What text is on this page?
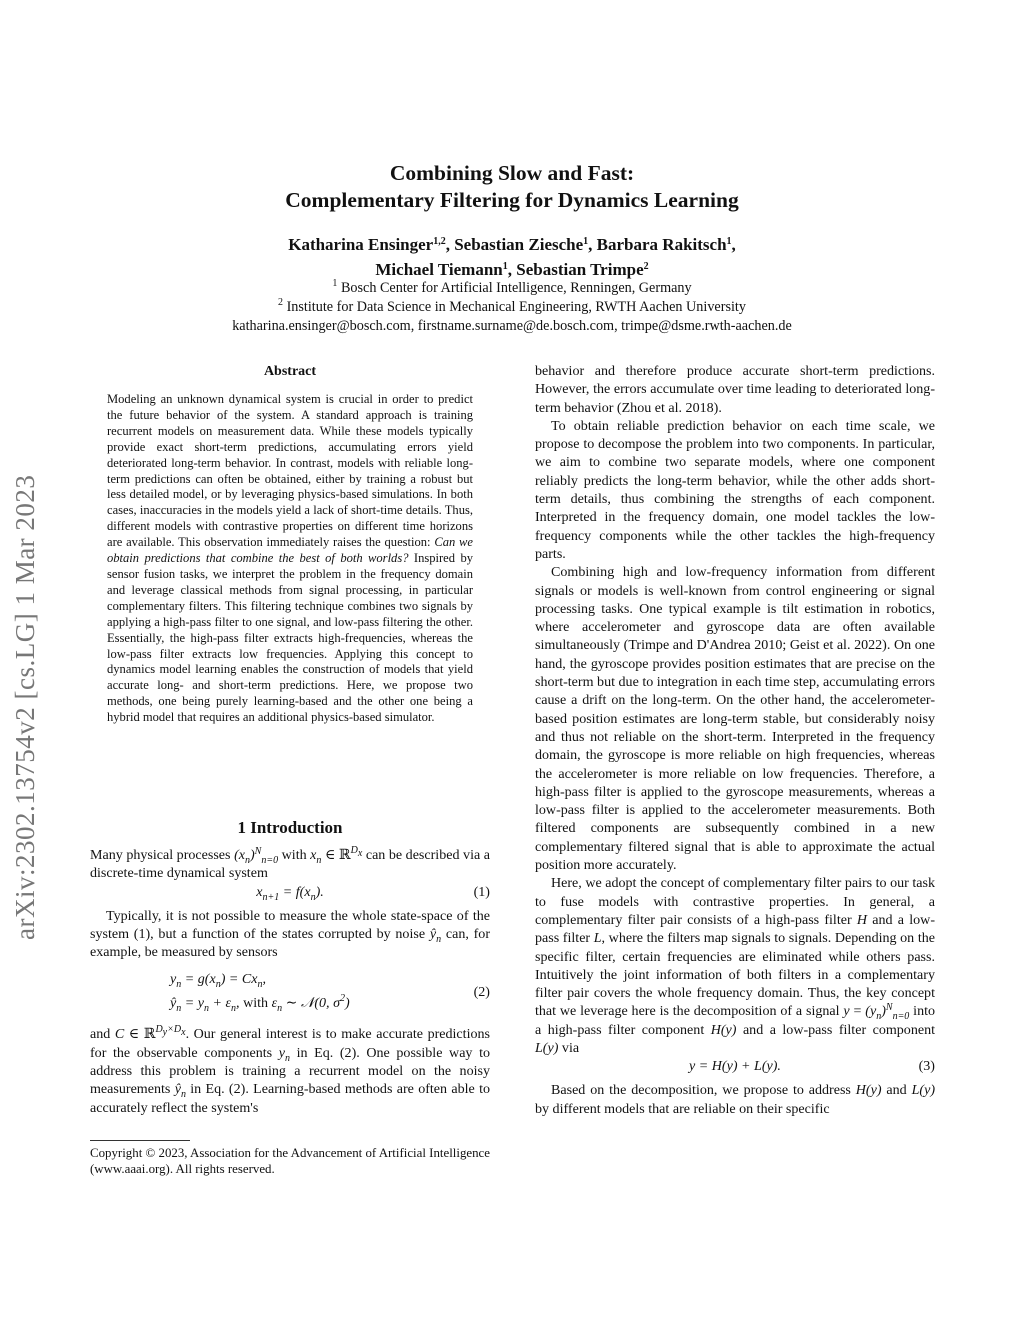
arXiv:2302.13754v2 [cs.LG] 1 Mar 2023
Combining Slow and Fast:
Complementary Filtering for Dynamics Learning
Katharina Ensinger$^{1,2}$, Sebastian Ziesche$^1$, Barbara Rakitsch$^1$,
Michael Tiemann$^1$, Sebastian Trimpe$^2$
$^1$ Bosch Center for Artificial Intelligence, Renningen, Germany
$^2$ Institute for Data Science in Mechanical Engineering, RWTH Aachen University
katharina.ensinger@bosch.com, firstname.surname@de.bosch.com, trimpe@dsme.rwth-aachen.de
Abstract
Modeling an unknown dynamical system is crucial in order to predict the future behavior of the system. A standard approach is training recurrent models on measurement data. While these models typically provide exact short-term predictions, accumulating errors yield deteriorated long-term behavior. In contrast, models with reliable long-term predictions can often be obtained, either by training a robust but less detailed model, or by leveraging physics-based simulations. In both cases, inaccuracies in the models yield a lack of short-time details. Thus, different models with contrastive properties on different time horizons are available. This observation immediately raises the question: Can we obtain predictions that combine the best of both worlds? Inspired by sensor fusion tasks, we interpret the problem in the frequency domain and leverage classical methods from signal processing, in particular complementary filters. This filtering technique combines two signals by applying a high-pass filter to one signal, and low-pass filtering the other. Essentially, the high-pass filter extracts high-frequencies, whereas the low-pass filter extracts low frequencies. Applying this concept to dynamics model learning enables the construction of models that yield accurate long- and short-term predictions. Here, we propose two methods, one being purely learning-based and the other one being a hybrid model that requires an additional physics-based simulator.
1 Introduction

Many physical processes $(x_n)_{^Nn=0}$ with $x_n$ ∈ ℝ$^{D_x}$ can be described via a discrete-time dynamical system

$x_{n+1} = f(x_n)$.	(1)

Typically, it is not possible to measure the whole state-space of the system (1), but a function of the states corrupted by noise $ŷ_n$ can, for example, be measured by sensors

$y_n = g(x_n) = Cx_n$,
$ŷ_n = y_n + \varepsilon_n$, with $\varepsilon_n$ ∼ 𝒩(0, $\sigma^2$)
(2)

and C ∈ ℝ$^{D_y\times D_x}$. Our general interest is to make accurate predictions for the observable components $y_n$ in Eq. (2). One possible way to address this problem is training a recurrent model on the noisy measurements $ŷ_n$ in Eq. (2). Learning-based methods are often able to accurately reflect the system's

Copyright © 2023, Association for the Advancement of Artificial Intelligence (www.aaai.org). All rights reserved.

behavior and therefore produce accurate short-term predictions. However, the errors accumulate over time leading to deteriorated long-term behavior (Zhou et al. 2018).

To obtain reliable prediction behavior on each time scale, we propose to decompose the problem into two components. In particular, we aim to combine two separate models, where one component reliably predicts the long-term behavior, while the other adds short-term details, thus combining the strengths of each component. Interpreted in the frequency domain, one model tackles the low-frequency components while the other tackles the high-frequency parts.

Combining high and low-frequency information from different signals or models is well-known from control engineering or signal processing tasks. One typical example is tilt estimation in robotics, where accelerometer and gyroscope data are often available simultaneously (Trimpe and D'Andrea 2010; Geist et al. 2022). On one hand, the gyroscope provides position estimates that are precise on the short-term but due to integration in each time step, accumulating errors cause a drift on the long-term. On the other hand, the accelerometer-based position estimates are long-term stable, but considerably noisy and thus not reliable on the short-term. Interpreted in the frequency domain, the gyroscope is more reliable on high frequencies, whereas the accelerometer is more reliable on low frequencies. Therefore, a high-pass filter is applied to the gyroscope measurements, whereas a low-pass filter is applied to the accelerometer measurements. Both filtered components are subsequently combined in a new complementary filtered signal that is able to approximate the actual position more accurately.

Here, we adopt the concept of complementary filter pairs to our task to fuse models with contrastive properties. In general, a complementary filter pair consists of a high-pass filter H and a low-pass filter L, where the filters map signals to signals. Depending on the specific filter, certain frequencies are eliminated while others pass. Intuitively the joint information of both filters in a complementary filter pair covers the whole frequency domain. Thus, the key concept that we leverage here is the decomposition of a signal $y = (y_n)_{^Nn=0}$ into a high-pass filter component H(y) and a low-pass filter component L(y) via

y = H(y) + L(y).	(3)

Based on the decomposition, we propose to address H(y) and L(y) by different models that are reliable on their specific
